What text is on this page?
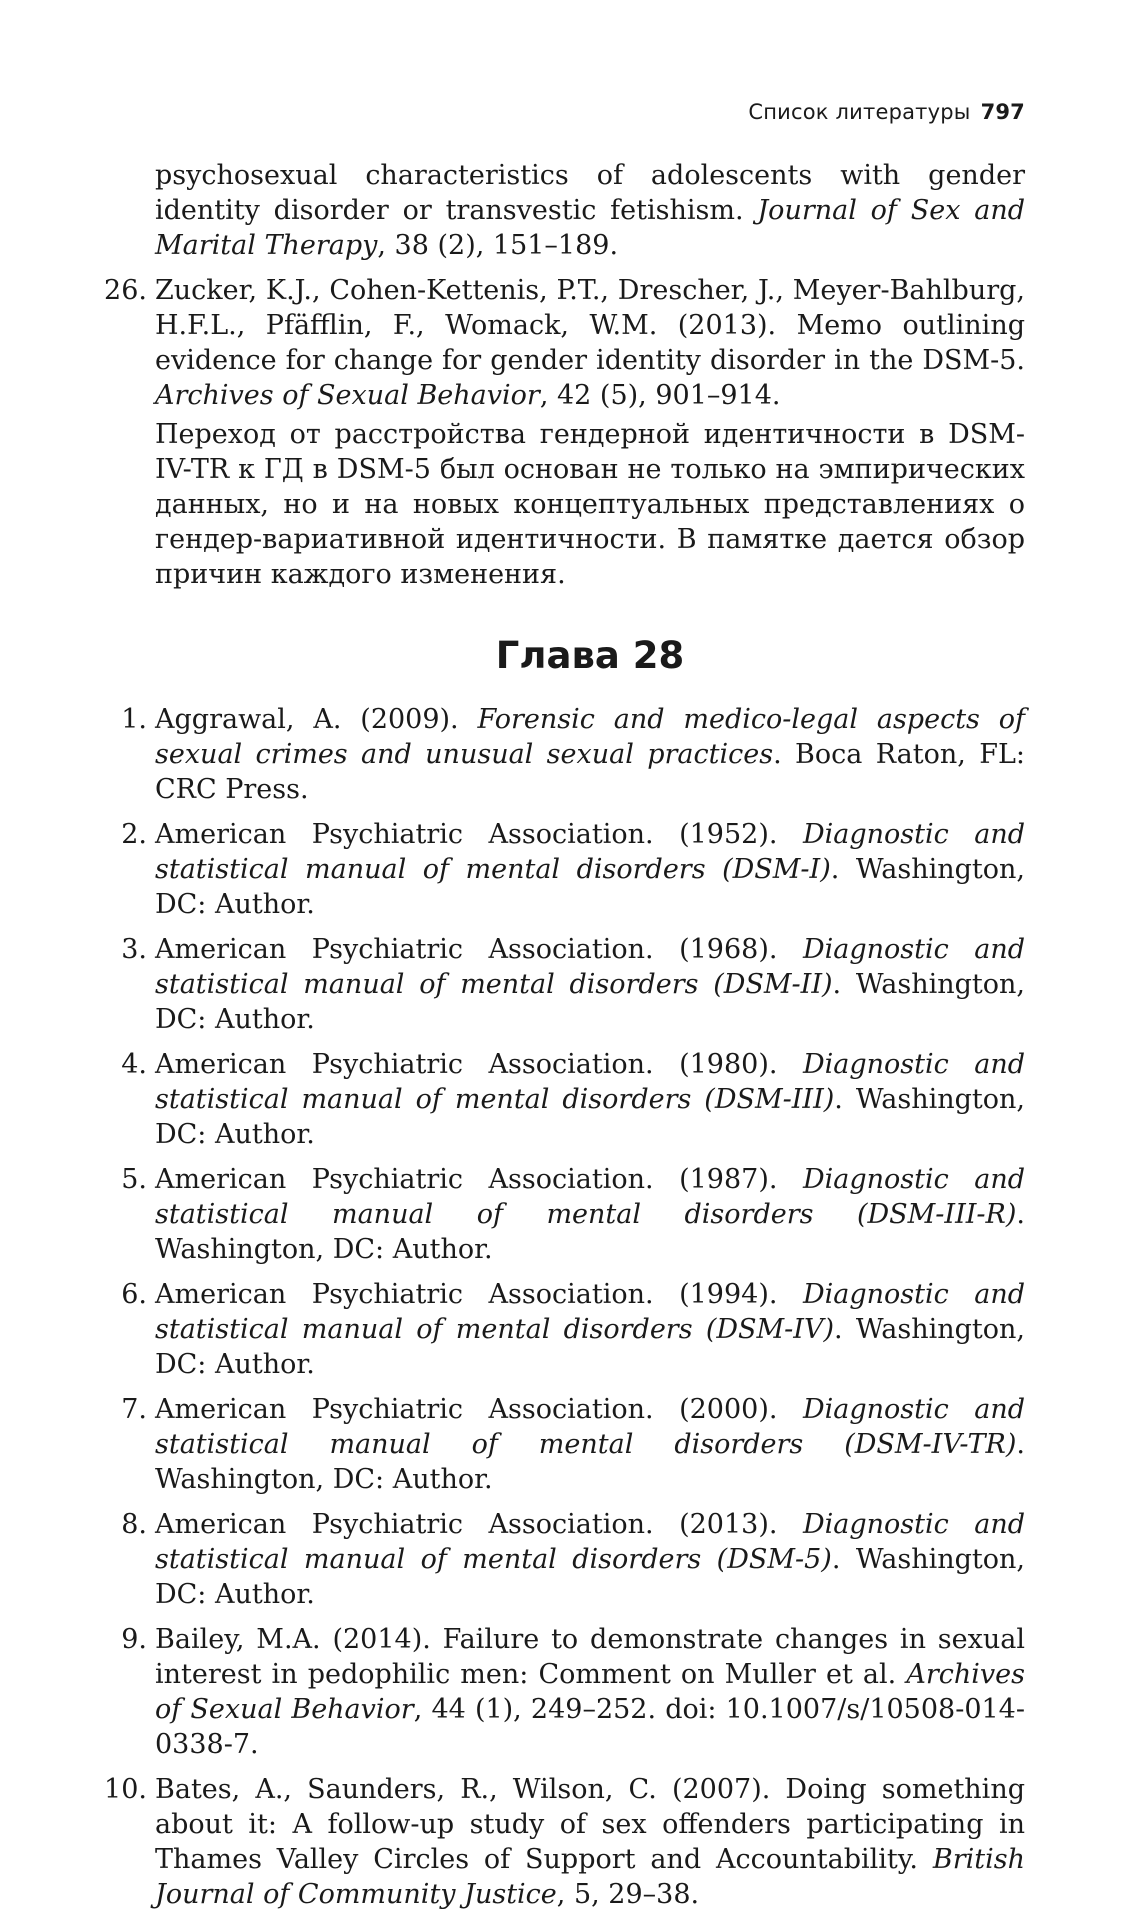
Список литературы 797
psychosexual characteristics of adolescents with gender identity disorder or transvestic fetishism. Journal of Sex and Marital Therapy, 38 (2), 151–189.
26. Zucker, K.J., Cohen-Kettenis, P.T., Drescher, J., Meyer-Bahlburg, H.F.L., Pfäfflin, F., Womack, W.M. (2013). Memo outlining evidence for change for gender identity disorder in the DSM-5. Archives of Sexual Behavior, 42 (5), 901–914.

Переход от расстройства гендерной идентичности в DSM-IV-TR к ГД в DSM-5 был основан не только на эмпирических данных, но и на новых концептуальных представлениях о гендер-вариативной идентичности. В памятке дается обзор причин каждого изменения.

Глава 28
1. Aggrawal, A. (2009). Forensic and medico-legal aspects of sexual crimes and unusual sexual practices. Boca Raton, FL: CRC Press.
2. American Psychiatric Association. (1952). Diagnostic and statistical manual of mental disorders (DSM-I). Washington, DC: Author.
3. American Psychiatric Association. (1968). Diagnostic and statistical manual of mental disorders (DSM-II). Washington, DC: Author.
4. American Psychiatric Association. (1980). Diagnostic and statistical manual of mental disorders (DSM-III). Washington, DC: Author.
5. American Psychiatric Association. (1987). Diagnostic and statistical manual of mental disorders (DSM-III-R). Washington, DC: Author.
6. American Psychiatric Association. (1994). Diagnostic and statistical manual of mental disorders (DSM-IV). Washington, DC: Author.
7. American Psychiatric Association. (2000). Diagnostic and statistical manual of mental disorders (DSM-IV-TR). Washington, DC: Author.
8. American Psychiatric Association. (2013). Diagnostic and statistical manual of mental disorders (DSM-5). Washington, DC: Author.
9. Bailey, M.A. (2014). Failure to demonstrate changes in sexual interest in pedophilic men: Comment on Muller et al. Archives of Sexual Behavior, 44 (1), 249–252. doi: 10.1007/s/10508-014-0338-7.
10. Bates, A., Saunders, R., Wilson, C. (2007). Doing something about it: A follow-up study of sex offenders participating in Thames Valley Circles of Support and Accountability. British Journal of Community Justice, 5, 29–38.
